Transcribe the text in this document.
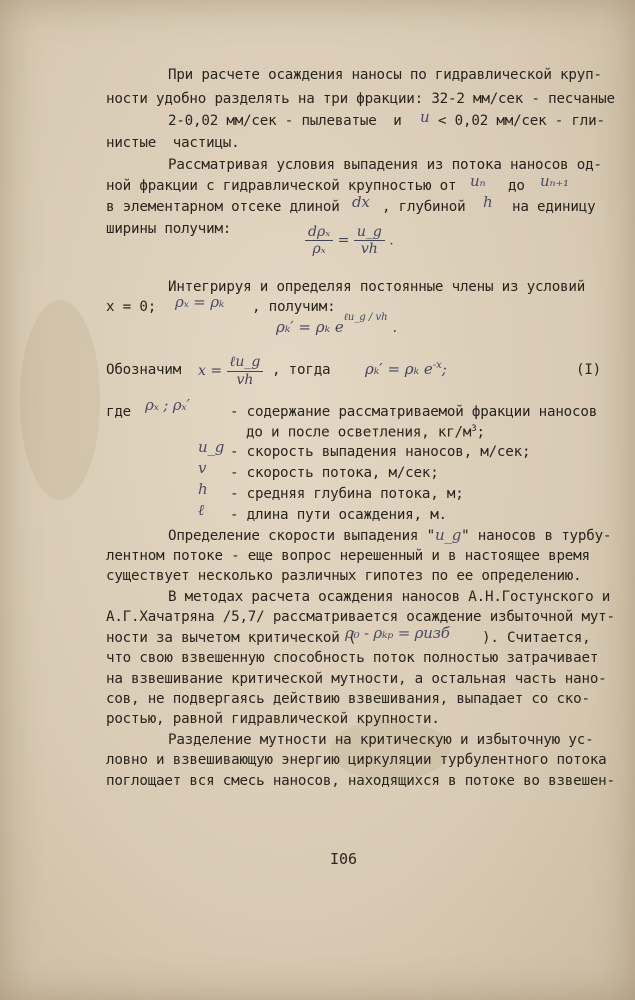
При расчете осаждения наносы по гидравлической круп-
ности удобно разделять на три фракции: 32-2 мм/сек - песчаные
2-0,02 мм/сек - пылеватые  и u < 0,02 мм/сек - гли-
нистые  частицы.
Рассматривая условия выпадения из потока наносов од-
ной фракции с гидравлической крупностью от uₙ до uₙ₊₁
в элементарном отсеке длиной dx , глубиной h на единицу
ширины получим:	$\frac{\text{dρₓ}}{\text{ρₓ}} = \frac{u\_g}{vh}$ .
Интегрируя и определяя постоянные члены из условий
x = 0; ρₓ = ρₖ , получим:
ρₖ′ = ρₖ $e^{\ell u\_g / vh}$ .
Обозначим $x = \frac{\text{ℓu\_g}}{vh}$ , тогда ρₖ′ = ρₖ $e^{-x}$;	(I)
где ρₓ ; ρₓ′	- содержание рассматриваемой фракции наносов
до и после осветления, $кг/м^3$;
u_g - скорость выпадения наносов, м/сек;
v - скорость потока, м/сек;
h - средняя глубина потока, м;
ℓ - длина пути осаждения, м.
Определение скорости выпадения "u_g" наносов в турбу-
лентном потоке - еще вопрос нерешенный и в настоящее время
существует несколько различных гипотез по ее определению.
В методах расчета осаждения наносов А.Н.Гостунского и
А.Г.Хачатряна /5,7/ рассматривается осаждение избыточной мут-
ности за вычетом критической (
ρ₀ - ρₖₚ = ρизб ). Считается,
что свою взвешенную способность поток полностью затрачивает
на взвешивание критической мутности, а остальная часть нано-
сов, не подвергаясь действию взвешивания, выпадает со ско-
ростью, равной гидравлической крупности.
Разделение мутности на критическую и избыточную ус-
ловно и взвешивающую энергию циркуляции турбулентного потока
поглощает вся смесь наносов, находящихся в потоке во взвешен-
I06
